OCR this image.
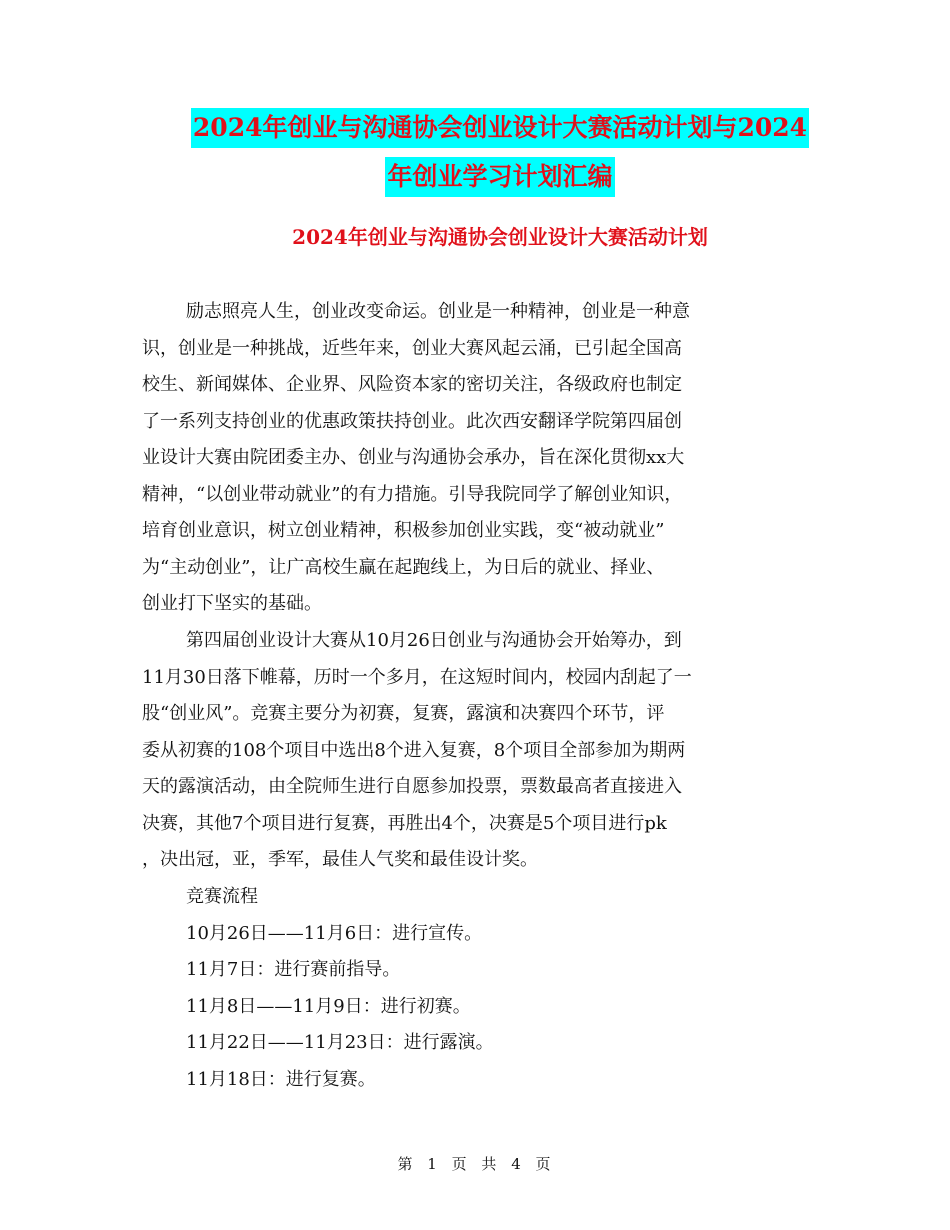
2024年创业与沟通协会创业设计大赛活动计划与2024
年创业学习计划汇编
2024年创业与沟通协会创业设计大赛活动计划
励志照亮人生，创业改变命运。创业是一种精神，创业是一种意
识，创业是一种挑战，近些年来，创业大赛风起云涌，已引起全国高
校生、新闻媒体、企业界、风险资本家的密切关注，各级政府也制定
了一系列支持创业的优惠政策扶持创业。此次西安翻译学院第四届创
业设计大赛由院团委主办、创业与沟通协会承办，旨在深化贯彻xx大
精神，“以创业带动就业”的有力措施。引导我院同学了解创业知识，
培育创业意识，树立创业精神，积极参加创业实践，变“被动就业”
为“主动创业”，让广高校生赢在起跑线上，为日后的就业、择业、
创业打下坚实的基础。
第四届创业设计大赛从10月26日创业与沟通协会开始筹办，到
11月30日落下帷幕，历时一个多月，在这短时间内，校园内刮起了一
股“创业风”。竞赛主要分为初赛，复赛，露演和决赛四个环节，评
委从初赛的108个项目中选出8个进入复赛，8个项目全部参加为期两
天的露演活动，由全院师生进行自愿参加投票，票数最高者直接进入
决赛，其他7个项目进行复赛，再胜出4个，决赛是5个项目进行pk
，决出冠，亚，季军，最佳人气奖和最佳设计奖。
竞赛流程
10月26日——11月6日：进行宣传。
11月7日：进行赛前指导。
11月8日——11月9日：进行初赛。
11月22日——11月23日：进行露演。
11月18日：进行复赛。
第 1 页 共 4 页
